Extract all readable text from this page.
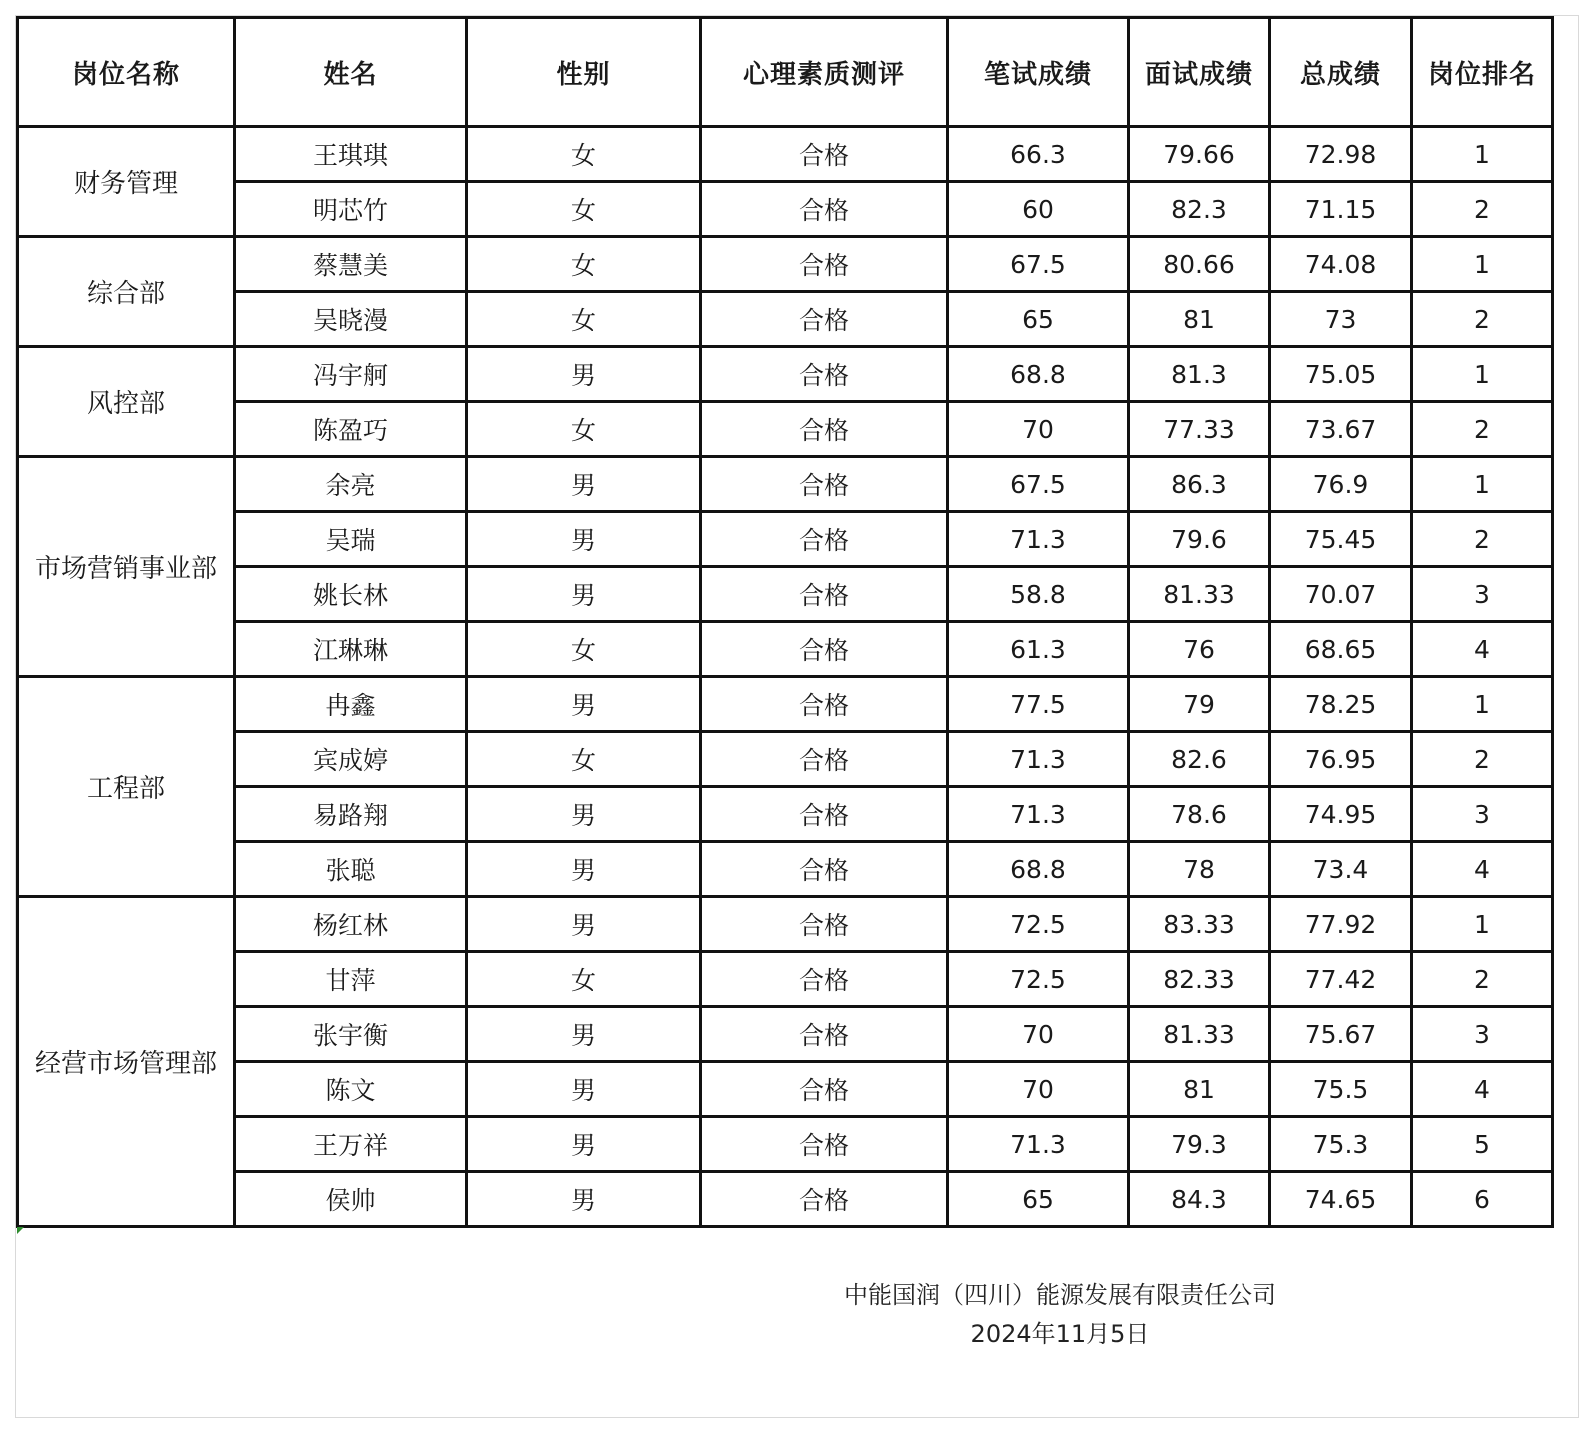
岗位名称	姓名	性别	心理素质测评	笔试成绩	面试成绩	总成绩	岗位排名
财务管理	王琪琪	女	合格	66.3	79.66	72.98	1
	明芯竹	女	合格	60	82.3	71.15	2
综合部	蔡慧美	女	合格	67.5	80.66	74.08	1
	吴晓漫	女	合格	65	81	73	2
风控部	冯宇舸	男	合格	68.8	81.3	75.05	1
	陈盈巧	女	合格	70	77.33	73.67	2
市场营销事业部	余亮	男	合格	67.5	86.3	76.9	1
	吴瑞	男	合格	71.3	79.6	75.45	2
	姚长林	男	合格	58.8	81.33	70.07	3
	江琳琳	女	合格	61.3	76	68.65	4
工程部	冉鑫	男	合格	77.5	79	78.25	1
	宾成婷	女	合格	71.3	82.6	76.95	2
	易路翔	男	合格	71.3	78.6	74.95	3
	张聪	男	合格	68.8	78	73.4	4
经营市场管理部	杨红林	男	合格	72.5	83.33	77.92	1
	甘萍	女	合格	72.5	82.33	77.42	2
	张宇衡	男	合格	70	81.33	75.67	3
	陈文	男	合格	70	81	75.5	4
	王万祥	男	合格	71.3	79.3	75.3	5
	侯帅	男	合格	65	84.3	74.65	6
中能国润（四川）能源发展有限责任公司
2024年11月5日
